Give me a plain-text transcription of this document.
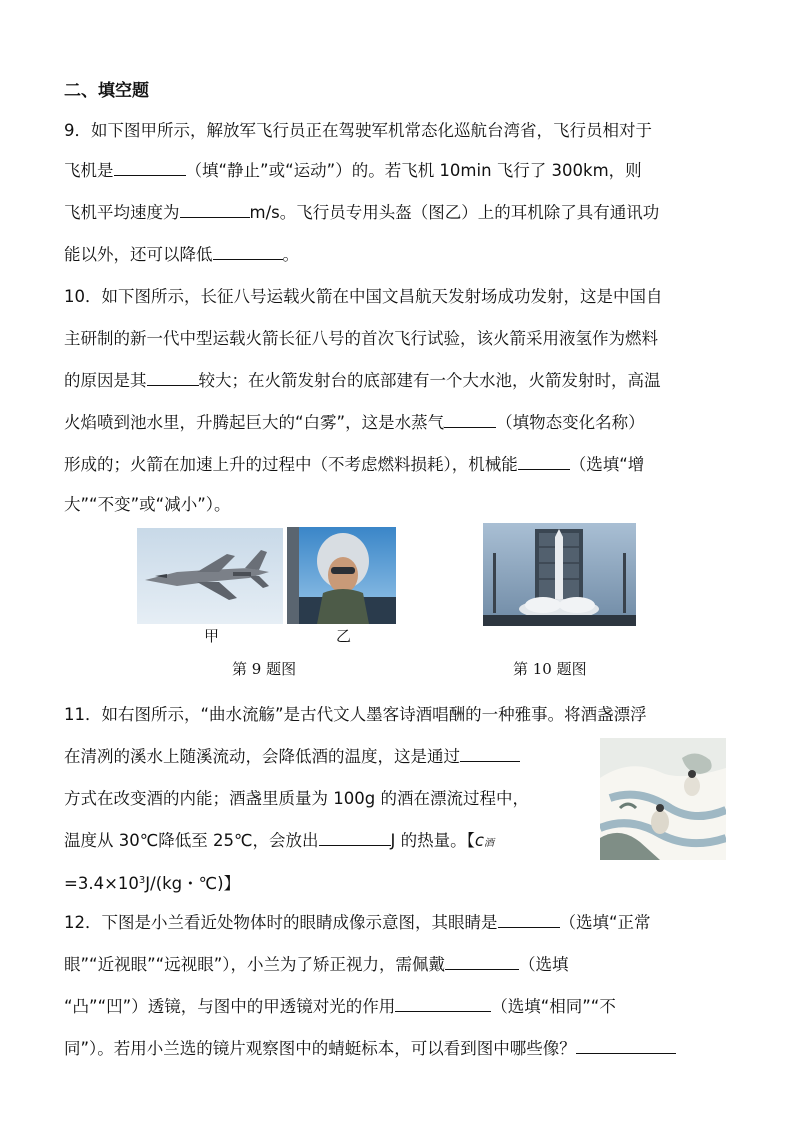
二、填空题
9．如下图甲所示，解放军飞行员正在驾驶军机常态化巡航台湾省，飞行员相对于
飞机是	（填“静止”或“运动”）的。若飞机 10min 飞行了 300km，则
飞机平均速度为	m/s。飞行员专用头盔（图乙）上的耳机除了具有通讯功
能以外，还可以降低	。
10．如下图所示，长征八号运载火箭在中国文昌航天发射场成功发射，这是中国自
主研制的新一代中型运载火箭长征八号的首次飞行试验，该火箭采用液氢作为燃料
的原因是其	较大；在火箭发射台的底部建有一个大水池，火箭发射时，高温
火焰喷到池水里，升腾起巨大的“白雾”，这是水蒸气	（填物态变化名称）
形成的；火箭在加速上升的过程中（不考虑燃料损耗），机械能	（选填“增
大”“不变”或“减小”）。
甲	乙
第 9 题图	第 10 题图
11．如右图所示，“曲水流觞”是古代文人墨客诗酒唱酬的一种雅事。将酒盏漂浮
在清冽的溪水上随溪流动，会降低酒的温度，这是通过
方式在改变酒的内能；酒盏里质量为 100g 的酒在漂流过程中，
温度从 30℃降低至 25℃，会放出	J 的热量。【c酒
$=3.4\times 10^3J/(kg$・℃)】
12．下图是小兰看近处物体时的眼睛成像示意图，其眼睛是	（选填“正常
眼”“近视眼”“远视眼”），小兰为了矫正视力，需佩戴	（选填
“凸”“凹”）透镜，与图中的甲透镜对光的作用	（选填“相同”“不
同”）。若用小兰选的镜片观察图中的蜻蜓标本，可以看到图中哪些像？
